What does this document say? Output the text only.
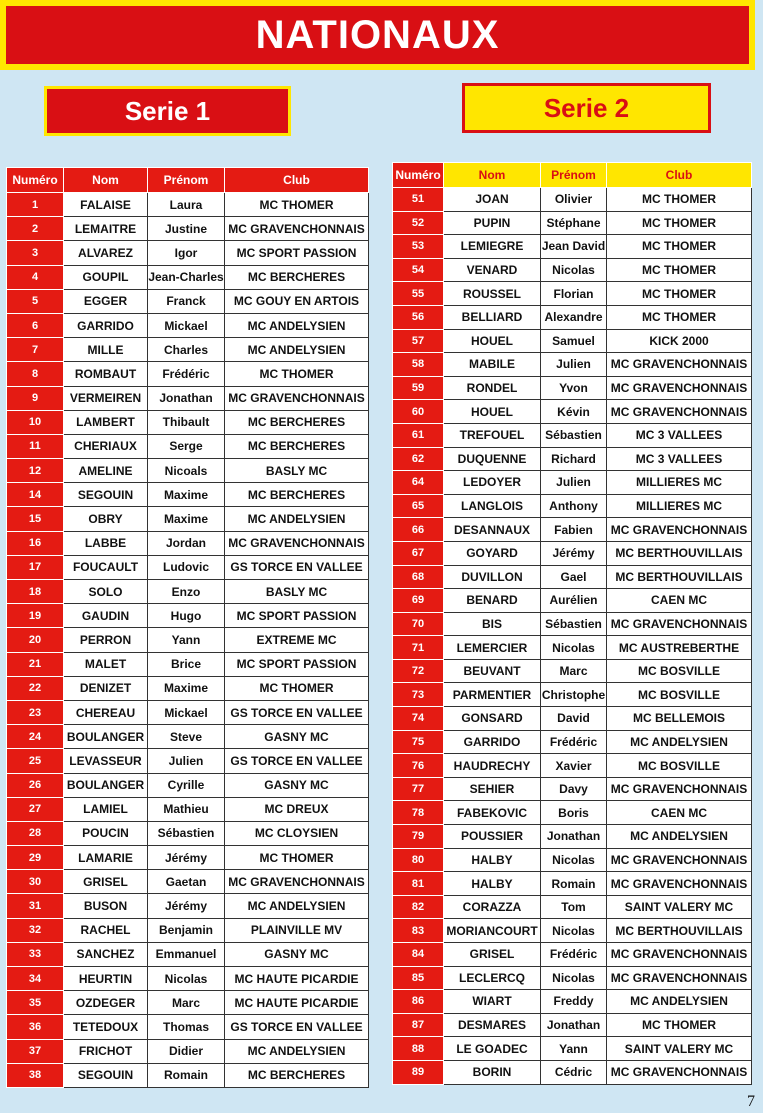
NATIONAUX
Serie 1	Serie 2
Numéro	Nom	Prénom	Club
1	FALAISE	Laura	MC THOMER
2	LEMAITRE	Justine	MC GRAVENCHONNAIS
3	ALVAREZ	Igor	MC SPORT PASSION
4	GOUPIL	Jean-Charles	MC BERCHERES
5	EGGER	Franck	MC GOUY EN ARTOIS
6	GARRIDO	Mickael	MC ANDELYSIEN
7	MILLE	Charles	MC ANDELYSIEN
8	ROMBAUT	Frédéric	MC THOMER
9	VERMEIREN	Jonathan	MC GRAVENCHONNAIS
10	LAMBERT	Thibault	MC BERCHERES
11	CHERIAUX	Serge	MC BERCHERES
12	AMELINE	Nicoals	BASLY MC
14	SEGOUIN	Maxime	MC BERCHERES
15	OBRY	Maxime	MC ANDELYSIEN
16	LABBE	Jordan	MC GRAVENCHONNAIS
17	FOUCAULT	Ludovic	GS TORCE EN VALLEE
18	SOLO	Enzo	BASLY MC
19	GAUDIN	Hugo	MC SPORT PASSION
20	PERRON	Yann	EXTREME MC
21	MALET	Brice	MC SPORT PASSION
22	DENIZET	Maxime	MC THOMER
23	CHEREAU	Mickael	GS TORCE EN VALLEE
24	BOULANGER	Steve	GASNY MC
25	LEVASSEUR	Julien	GS TORCE EN VALLEE
26	BOULANGER	Cyrille	GASNY MC
27	LAMIEL	Mathieu	MC DREUX
28	POUCIN	Sébastien	MC CLOYSIEN
29	LAMARIE	Jérémy	MC THOMER
30	GRISEL	Gaetan	MC GRAVENCHONNAIS
31	BUSON	Jérémy	MC ANDELYSIEN
32	RACHEL	Benjamin	PLAINVILLE MV
33	SANCHEZ	Emmanuel	GASNY MC
34	HEURTIN	Nicolas	MC HAUTE PICARDIE
35	OZDEGER	Marc	MC HAUTE PICARDIE
36	TETEDOUX	Thomas	GS TORCE EN VALLEE
37	FRICHOT	Didier	MC ANDELYSIEN
38	SEGOUIN	Romain	MC BERCHERES
Numéro	Nom	Prénom	Club
51	JOAN	Olivier	MC THOMER
52	PUPIN	Stéphane	MC THOMER
53	LEMIEGRE	Jean David	MC THOMER
54	VENARD	Nicolas	MC THOMER
55	ROUSSEL	Florian	MC THOMER
56	BELLIARD	Alexandre	MC THOMER
57	HOUEL	Samuel	KICK 2000
58	MABILE	Julien	MC GRAVENCHONNAIS
59	RONDEL	Yvon	MC GRAVENCHONNAIS
60	HOUEL	Kévin	MC GRAVENCHONNAIS
61	TREFOUEL	Sébastien	MC 3 VALLEES
62	DUQUENNE	Richard	MC 3 VALLEES
64	LEDOYER	Julien	MILLIERES MC
65	LANGLOIS	Anthony	MILLIERES MC
66	DESANNAUX	Fabien	MC GRAVENCHONNAIS
67	GOYARD	Jérémy	MC BERTHOUVILLAIS
68	DUVILLON	Gael	MC BERTHOUVILLAIS
69	BENARD	Aurélien	CAEN MC
70	BIS	Sébastien	MC GRAVENCHONNAIS
71	LEMERCIER	Nicolas	MC AUSTREBERTHE
72	BEUVANT	Marc	MC BOSVILLE
73	PARMENTIER	Christophe	MC BOSVILLE
74	GONSARD	David	MC BELLEMOIS
75	GARRIDO	Frédéric	MC ANDELYSIEN
76	HAUDRECHY	Xavier	MC BOSVILLE
77	SEHIER	Davy	MC GRAVENCHONNAIS
78	FABEKOVIC	Boris	CAEN MC
79	POUSSIER	Jonathan	MC ANDELYSIEN
80	HALBY	Nicolas	MC GRAVENCHONNAIS
81	HALBY	Romain	MC GRAVENCHONNAIS
82	CORAZZA	Tom	SAINT VALERY MC
83	MORIANCOURT	Nicolas	MC BERTHOUVILLAIS
84	GRISEL	Frédéric	MC GRAVENCHONNAIS
85	LECLERCQ	Nicolas	MC GRAVENCHONNAIS
86	WIART	Freddy	MC ANDELYSIEN
87	DESMARES	Jonathan	MC THOMER
88	LE GOADEC	Yann	SAINT VALERY MC
89	BORIN	Cédric	MC GRAVENCHONNAIS
7
